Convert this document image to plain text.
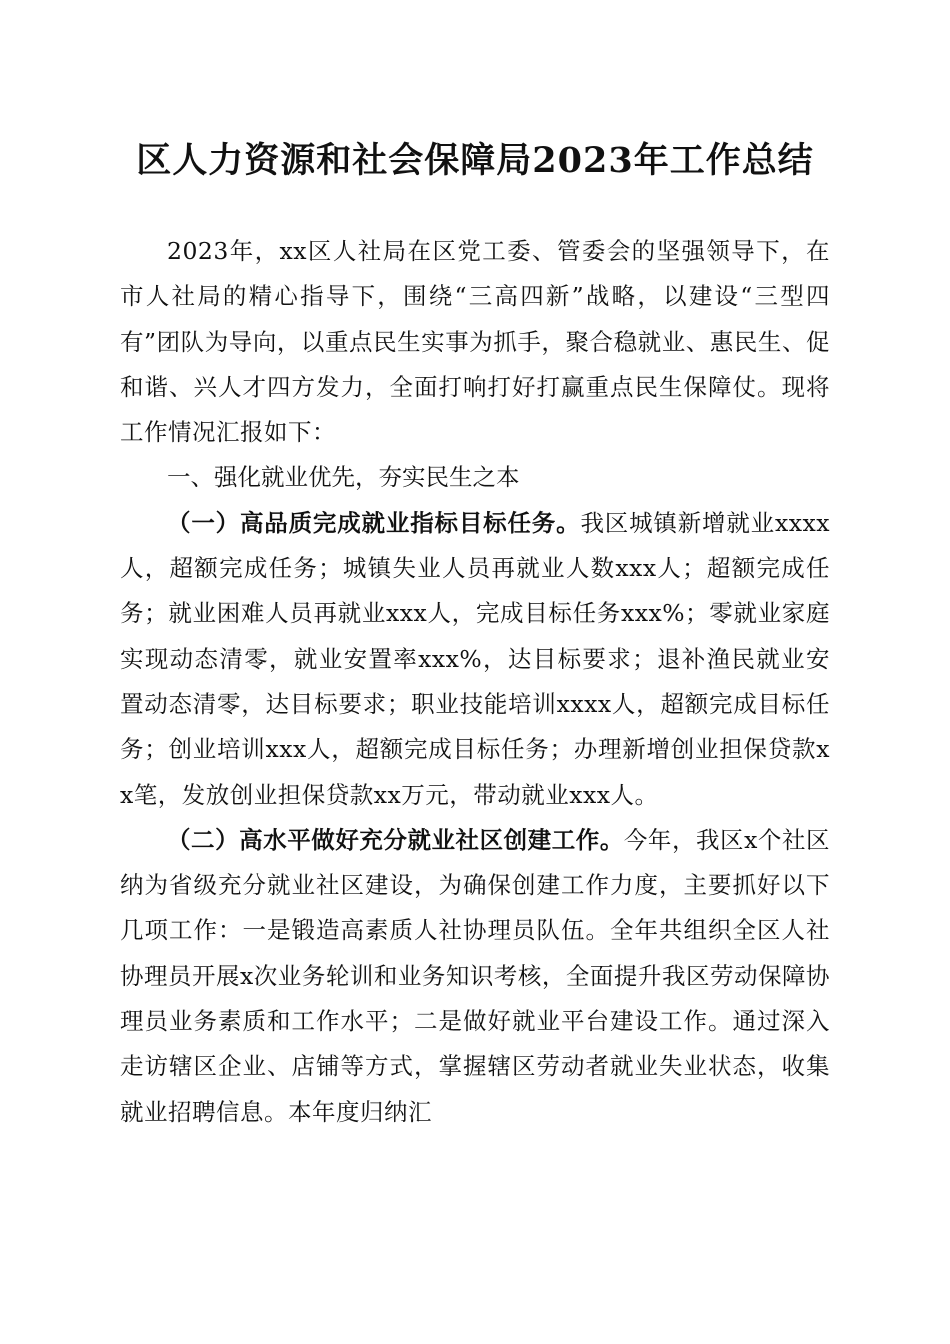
区人力资源和社会保障局2023年工作总结

2023年，xx区人社局在区党工委、管委会的坚强领导下，在市人社局的精心指导下，围绕“三高四新”战略，以建设“三型四有”团队为导向，以重点民生实事为抓手，聚合稳就业、惠民生、促和谐、兴人才四方发力，全面打响打好打赢重点民生保障仗。现将工作情况汇报如下：

一、强化就业优先，夯实民生之本

（一）高品质完成就业指标目标任务。我区城镇新增就业xxxx人，超额完成任务；城镇失业人员再就业人数xxx人；超额完成任务；就业困难人员再就业xxx人，完成目标任务xxx%；零就业家庭实现动态清零，就业安置率xxx%，达目标要求；退补渔民就业安置动态清零，达目标要求；职业技能培训xxxx人，超额完成目标任务；创业培训xxx人，超额完成目标任务；办理新增创业担保贷款xx笔，发放创业担保贷款xx万元，带动就业xxx人。

（二）高水平做好充分就业社区创建工作。今年，我区x个社区纳为省级充分就业社区建设，为确保创建工作力度，主要抓好以下几项工作：一是锻造高素质人社协理员队伍。全年共组织全区人社协理员开展x次业务轮训和业务知识考核，全面提升我区劳动保障协理员业务素质和工作水平；二是做好就业平台建设工作。通过深入走访辖区企业、店铺等方式，掌握辖区劳动者就业失业状态，收集就业招聘信息。本年度归纳汇
